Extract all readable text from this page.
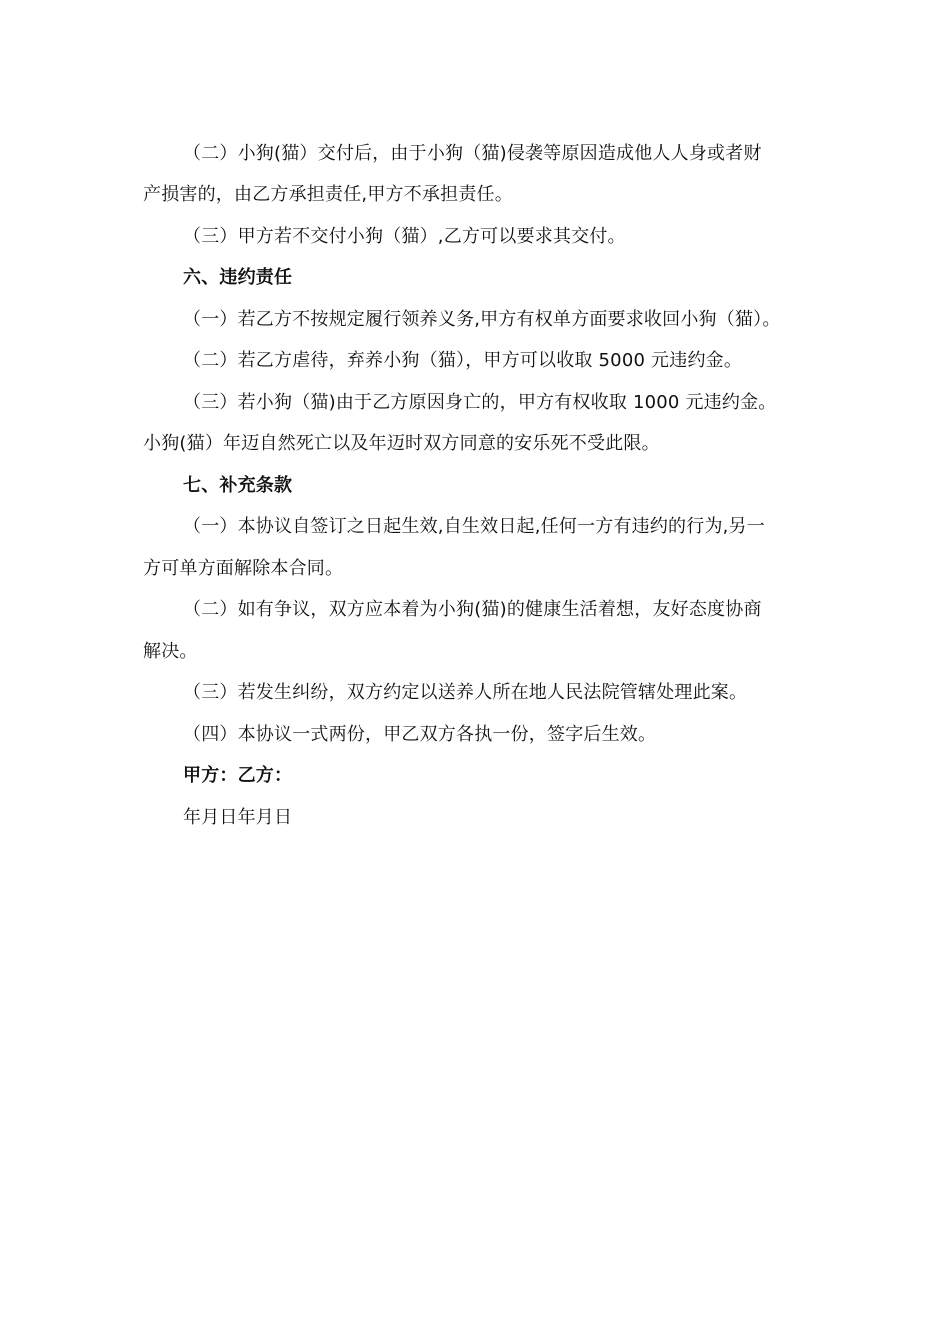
（二）小狗(猫）交付后，由于小狗（猫)侵袭等原因造成他人人身或者财
产损害的，由乙方承担责任,甲方不承担责任。
（三）甲方若不交付小狗（猫）,乙方可以要求其交付。
六、违约责任
（一）若乙方不按规定履行领养义务,甲方有权单方面要求收回小狗（猫）。
（二）若乙方虐待，弃养小狗（猫），甲方可以收取 5000 元违约金。
（三）若小狗（猫)由于乙方原因身亡的，甲方有权收取 1000 元违约金。
小狗(猫）年迈自然死亡以及年迈时双方同意的安乐死不受此限。
七、补充条款
（一）本协议自签订之日起生效,自生效日起,任何一方有违约的行为,另一
方可单方面解除本合同。
（二）如有争议，双方应本着为小狗(猫)的健康生活着想，友好态度协商
解决。
（三）若发生纠纷，双方约定以送养人所在地人民法院管辖处理此案。
（四）本协议一式两份，甲乙双方各执一份，签字后生效。
甲方：乙方：
年月日年月日
